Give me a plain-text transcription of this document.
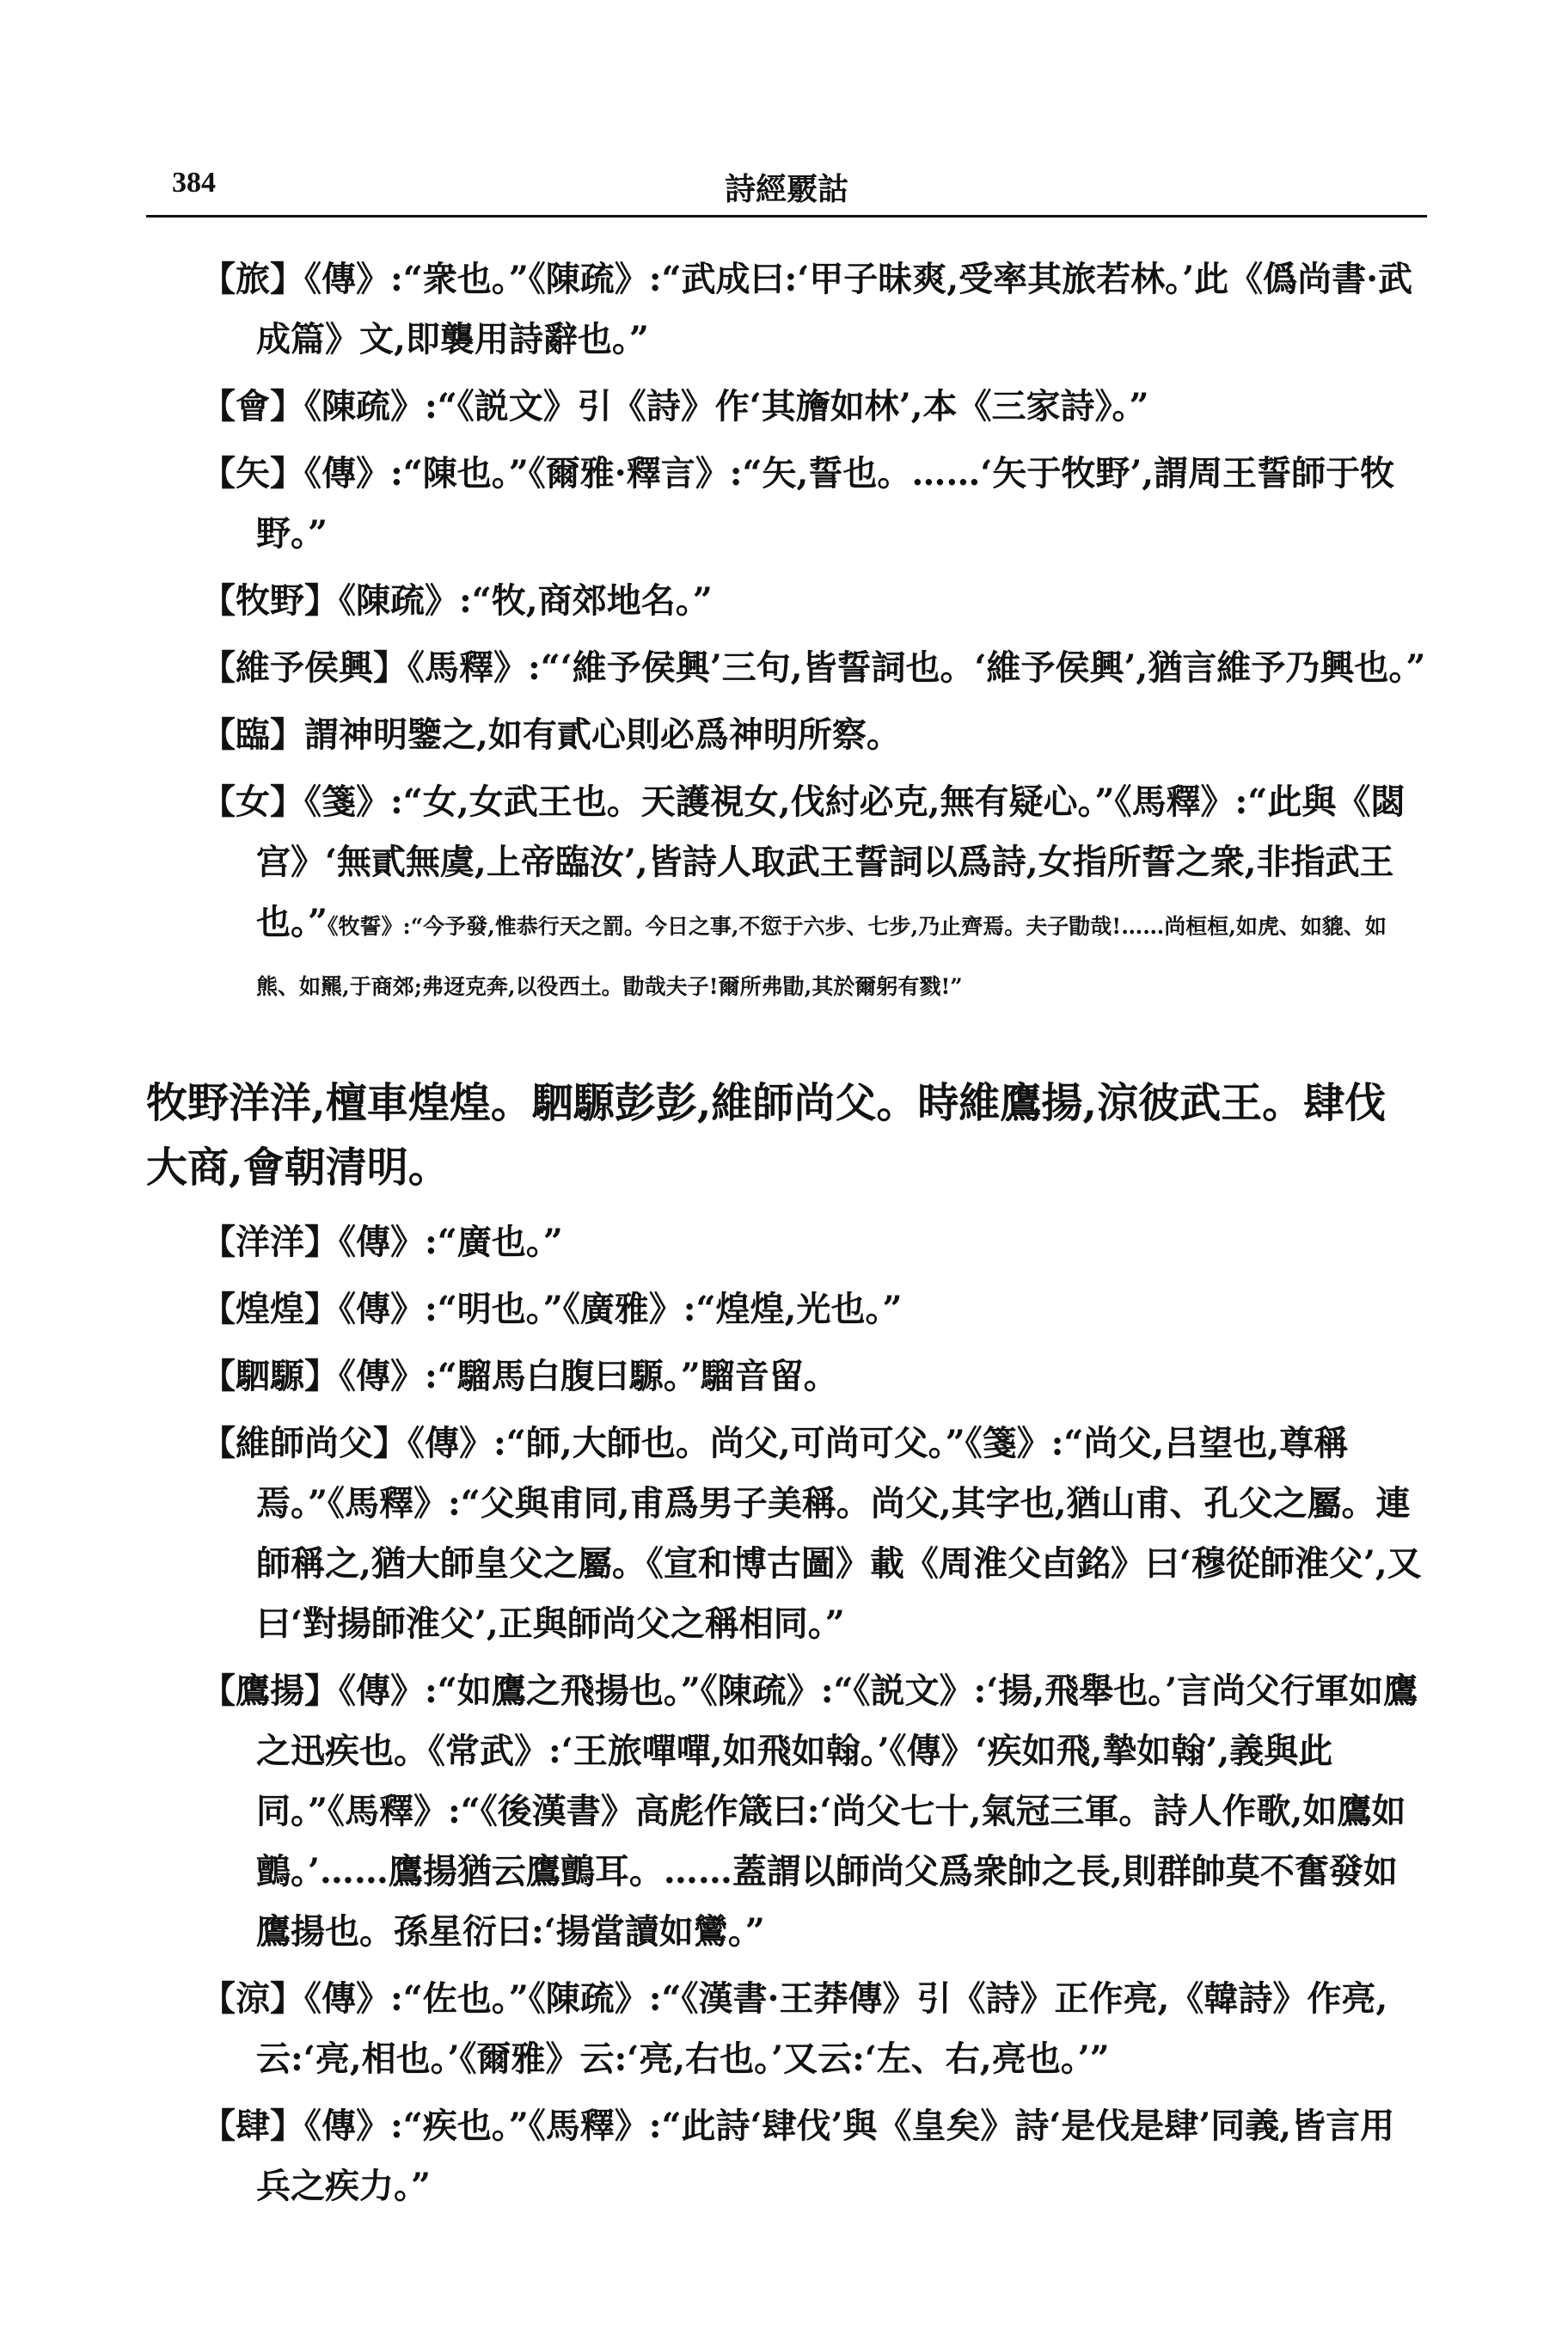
384	詩經覈詁

【旅】《傳》:“衆也。”《陳疏》:“武成曰:‘甲子昧爽,受率其旅若林。’此《僞尚書·武成篇》文,即襲用詩辭也。”

【會】《陳疏》:“《説文》引《詩》作‘其旝如林’,本《三家詩》。”

【矢】《傳》:“陳也。”《爾雅·釋言》:“矢,誓也。……‘矢于牧野’,謂周王誓師于牧野。”

【牧野】《陳疏》:“牧,商郊地名。”

【維予侯興】《馬釋》:“‘維予侯興’三句,皆誓詞也。‘維予侯興’,猶言維予乃興也。”

【臨】謂神明鑒之,如有貳心則必爲神明所察。

【女】《箋》:“女,女武王也。天護視女,伐紂必克,無有疑心。”《馬釋》:“此與《閟宫》‘無貳無虞,上帝臨汝’,皆詩人取武王誓詞以爲詩,女指所誓之衆,非指武王也。”《牧誓》:“今予發,惟恭行天之罰。今日之事,不愆于六步、七步,乃止齊焉。夫子勖哉!……尚桓桓,如虎、如貔、如熊、如羆,于商郊;弗迓克奔,以役西土。勖哉夫子!爾所弗勖,其於爾躬有戮!”

牧野洋洋,檀車煌煌。駟騵彭彭,維師尚父。時維鷹揚,涼彼武王。肆伐大商,會朝清明。

【洋洋】《傳》:“廣也。”

【煌煌】《傳》:“明也。”《廣雅》:“煌煌,光也。”

【駟騵】《傳》:“騮馬白腹曰騵。”騮音留。

【維師尚父】《傳》:“師,大師也。尚父,可尚可父。”《箋》:“尚父,吕望也,尊稱焉。”《馬釋》:“父與甫同,甫爲男子美稱。尚父,其字也,猶山甫、孔父之屬。連師稱之,猶大師皇父之屬。《宣和博古圖》載《周淮父卣銘》曰‘穆從師淮父’,又曰‘對揚師淮父’,正與師尚父之稱相同。”

【鷹揚】《傳》:“如鷹之飛揚也。”《陳疏》:“《説文》:‘揚,飛舉也。’言尚父行軍如鷹之迅疾也。《常武》:‘王旅嘽嘽,如飛如翰。’《傳》‘疾如飛,摯如翰’,義與此同。”《馬釋》:“《後漢書》高彪作箴曰:‘尚父七十,氣冠三軍。詩人作歌,如鷹如鸇。’……鷹揚猶云鷹鸇耳。……蓋謂以師尚父爲衆帥之長,則群帥莫不奮發如鷹揚也。孫星衍曰:‘揚當讀如鸞。”

【涼】《傳》:“佐也。”《陳疏》:“《漢書·王莽傳》引《詩》正作亮,《韓詩》作亮,云:‘亮,相也。’《爾雅》云:‘亮,右也。’又云:‘左、右,亮也。’”

【肆】《傳》:“疾也。”《馬釋》:“此詩‘肆伐’與《皇矣》詩‘是伐是肆’同義,皆言用兵之疾力。”
